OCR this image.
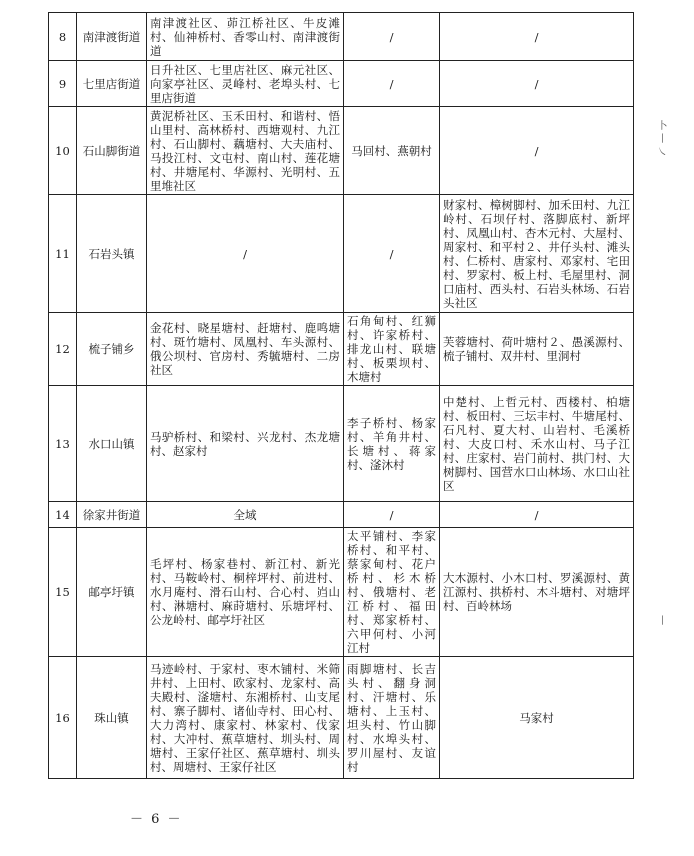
8	南津渡街道	南津渡社区、茆江桥社区、牛皮滩村、仙神桥村、香零山村、南津渡街道	/	/
9	七里店街道	日升社区、七里店社区、麻元社区、向家亭社区、灵峰村、老埠头村、七里店街道	/	/
10	石山脚街道	黄泥桥社区、玉禾田村、和谐村、悟山里村、高林桥村、西塘观村、九江村、石山脚村、藕塘村、大夫庙村、马投江村、文屯村、南山村、莲花塘村、井塘尾村、华源村、光明村、五里堆社区	马回村、燕朝村	/
11	石岩头镇	/	/	财家村、樟树脚村、加禾田村、九江岭村、石坝仔村、落脚底村、新坪村、凤凰山村、杏木元村、大屋村、周家村、和平村２、井仔头村、滩头村、仁桥村、唐家村、邓家村、宅田村、罗家村、板上村、毛屋里村、洞口庙村、西头村、石岩头林场、石岩头社区
12	梳子铺乡	金花村、晓星塘村、赶塘村、鹿鸣塘村、斑竹塘村、凤凰村、车头源村、俄公坝村、官房村、秀毓塘村、二房社区	石角甸村、红狮村、许家桥村、排龙山村、联塘村、板栗坝村、木塘村	芙蓉塘村、荷叶塘村２、愚溪源村、梳子铺村、双井村、里洞村
13	水口山镇	马驴桥村、和梁村、兴龙村、杰龙塘村、赵家村	李子桥村、杨家村、羊角井村、长塘村、蒋家村、滏沐村	中楚村、上哲元村、西楼村、柏塘村、板田村、三坛丰村、牛塘尾村、石凡村、夏大村、山岩村、毛溪桥村、大皮口村、禾水山村、马子江村、庄家村、岩门前村、拱门村、大树脚村、国营水口山林场、水口山社区
14	徐家井街道	全域	/	/
15	邮亭圩镇	毛坪村、杨家巷村、新江村、新光村、马鞍岭村、桐梓坪村、前进村、水月庵村、滑石山村、合心村、岿山村、淋塘村、麻莳塘村、乐塘坪村、公龙岭村、邮亭圩社区	太平铺村、李家桥村、和平村、蔡家甸村、花户桥村、杉木桥村、俄塘村、老江桥村、福田村、郑家桥村、六甲何村、小河江村	大木源村、小木口村、罗溪源村、黄江源村、拱桥村、木斗塘村、对塘坪村、百岭林场
16	珠山镇	马迹岭村、于家村、枣木铺村、米筛井村、上田村、欧家村、龙家村、高夫殿村、滏塘村、东湘桥村、山支尾村、寨子脚村、诸仙寺村、田心村、大力湾村、康家村、林家村、伐家村、大冲村、蕉草塘村、圳头村、周塘村、王家仔社区、蕉草塘村、圳头村、周塘村、王家仔社区	雨脚塘村、长吉头村、翻身洞村、汗塘村、乐塘村、上玉村、坦头村、竹山脚村、水埠头村、罗川屋村、友谊村	马家村
－ 6 －
卜 丨 ㇏
丨
